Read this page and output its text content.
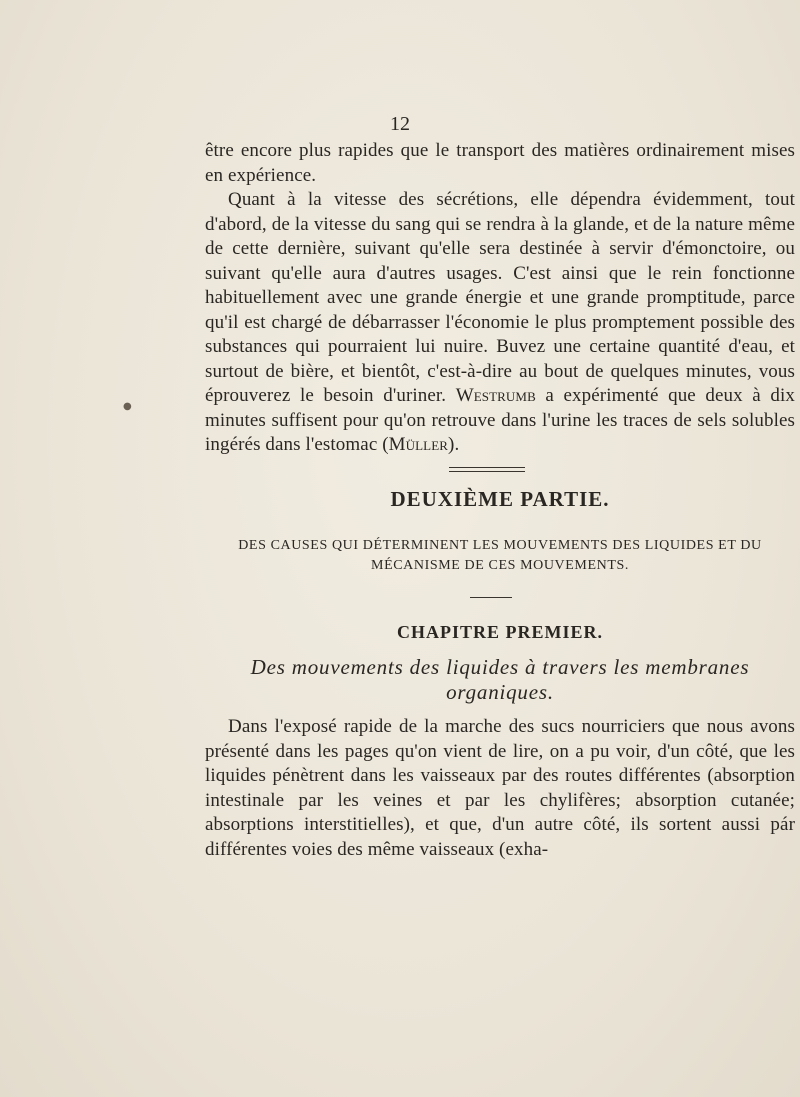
12

être encore plus rapides que le transport des matières ordinairement mises en expérience.

Quant à la vitesse des sécrétions, elle dépendra évidemment, tout d'abord, de la vitesse du sang qui se rendra à la glande, et de la nature même de cette dernière, suivant qu'elle sera destinée à servir d'émonctoire, ou suivant qu'elle aura d'autres usages. C'est ainsi que le rein fonctionne habituellement avec une grande énergie et une grande promptitude, parce qu'il est chargé de débarrasser l'économie le plus promptement possible des substances qui pourraient lui nuire. Buvez une certaine quantité d'eau, et surtout de bière, et bientôt, c'est-à-dire au bout de quelques minutes, vous éprouverez le besoin d'uriner. Westrumb a expérimenté que deux à dix minutes suffisent pour qu'on retrouve dans l'urine les traces de sels solubles ingérés dans l'estomac (Müller).

DEUXIÈME PARTIE.
DES CAUSES QUI DÉTERMINENT LES MOUVEMENTS DES LIQUIDES ET DU
MÉCANISME DE CES MOUVEMENTS.
CHAPITRE PREMIER.
Des mouvements des liquides à travers les membranes
organiques.

Dans l'exposé rapide de la marche des sucs nourriciers que nous avons présenté dans les pages qu'on vient de lire, on a pu voir, d'un côté, que les liquides pénètrent dans les vaisseaux par des routes différentes (absorption intestinale par les veines et par les chylifères; absorption cutanée; absorptions interstitielles), et que, d'un autre côté, ils sortent aussi pár différentes voies des même vaisseaux (exha-

●
